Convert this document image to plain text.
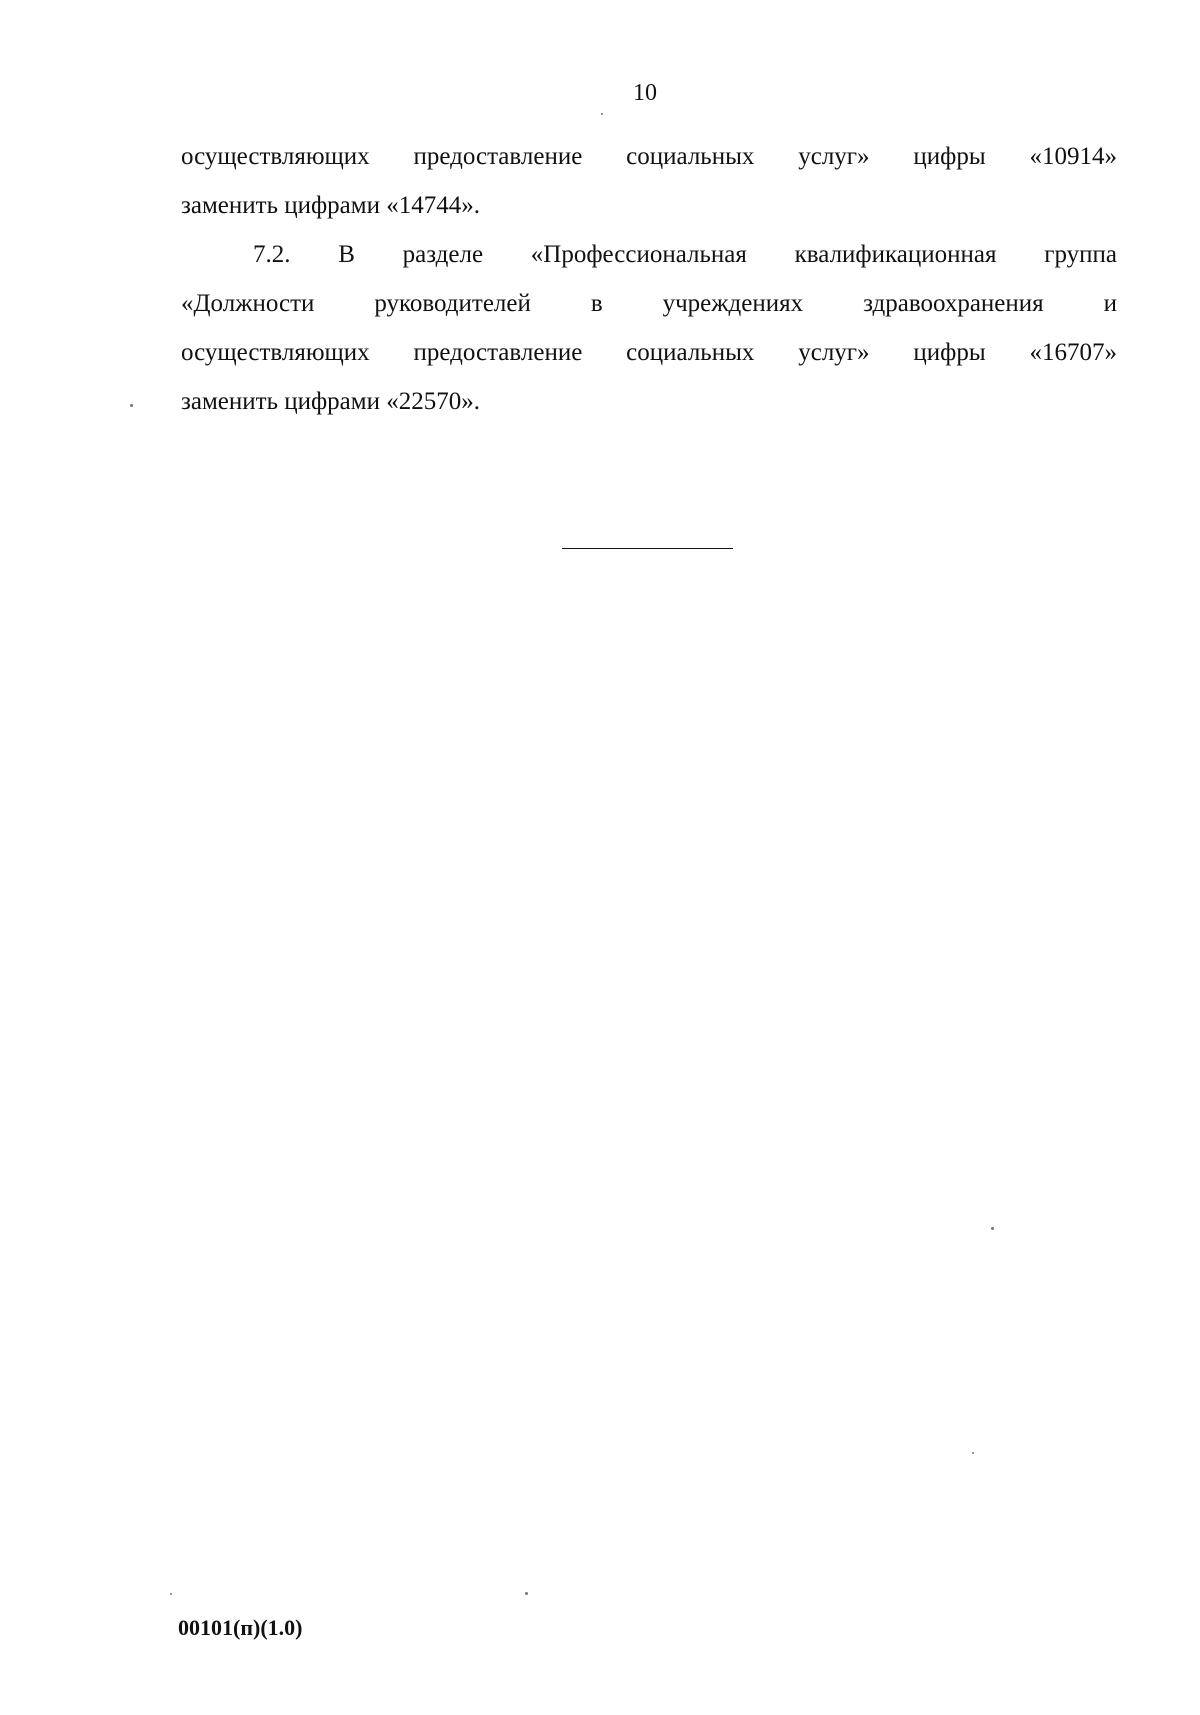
10
осуществляющих предоставление социальных услуг» цифры «10914»
заменить цифрами «14744».
7.2. В разделе «Профессиональная квалификационная группа
«Должности руководителей в учреждениях здравоохранения и
осуществляющих предоставление социальных услуг» цифры «16707»
заменить цифрами «22570».
00101(п)(1.0)
